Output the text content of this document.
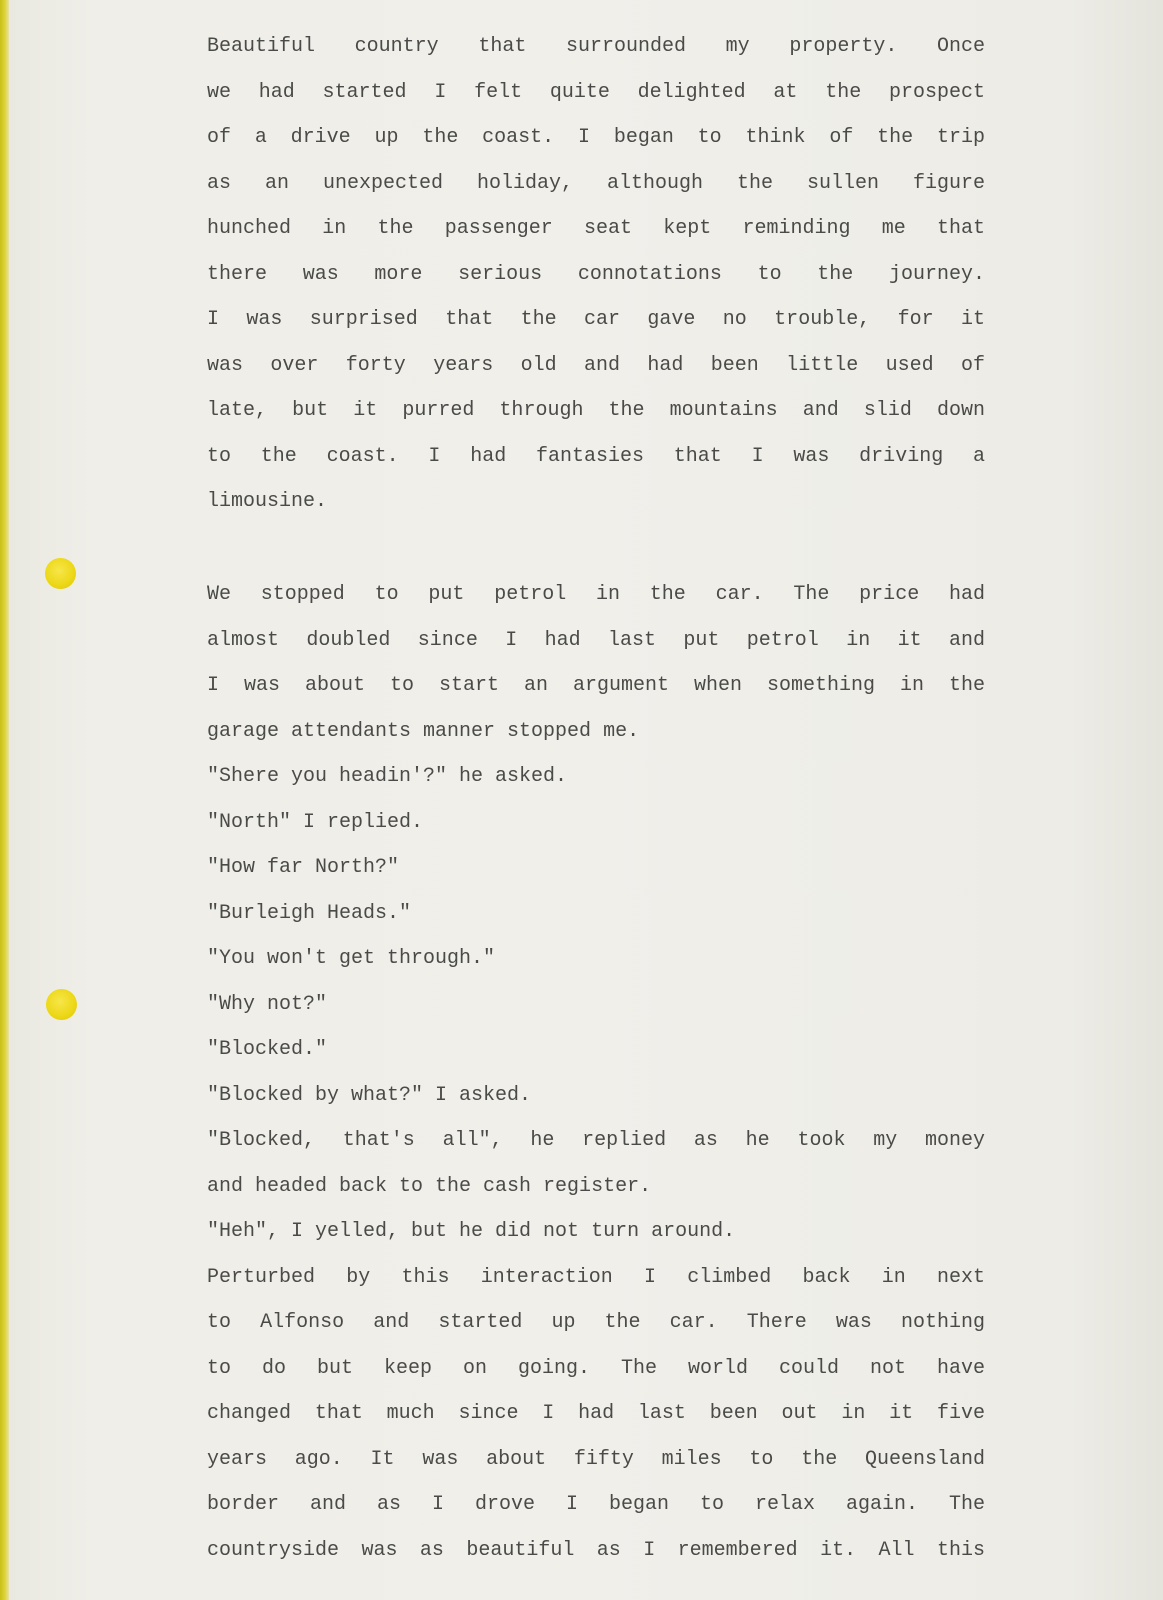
Beautiful country that surrounded my property. Once
we had started I felt quite delighted at the prospect
of a drive up the coast. I began to think of the trip
as an unexpected holiday, although the sullen figure
hunched in the passenger seat kept reminding me that
there was more serious connotations to the journey.
I was surprised that the car gave no trouble, for it
was over forty years old and had been little used of
late, but it purred through the mountains and slid down
to the coast. I had fantasies that I was driving a
limousine.
We stopped to put petrol in the car. The price had
almost doubled since I had last put petrol in it and
I was about to start an argument when something in the
garage attendants manner stopped me.
"Shere you headin'?" he asked.
"North" I replied.
"How far North?"
"Burleigh Heads."
"You won't get through."
"Why not?"
"Blocked."
"Blocked by what?" I asked.
"Blocked, that's all", he replied as he took my money
and headed back to the cash register.
"Heh", I yelled, but he did not turn around.
Perturbed by this interaction I climbed back in next
to Alfonso and started up the car. There was nothing
to do but keep on going. The world could not have
changed that much since I had last been out in it five
years ago. It was about fifty miles to the Queensland
border and as I drove I began to relax again. The
countryside was as beautiful as I remembered it. All this
